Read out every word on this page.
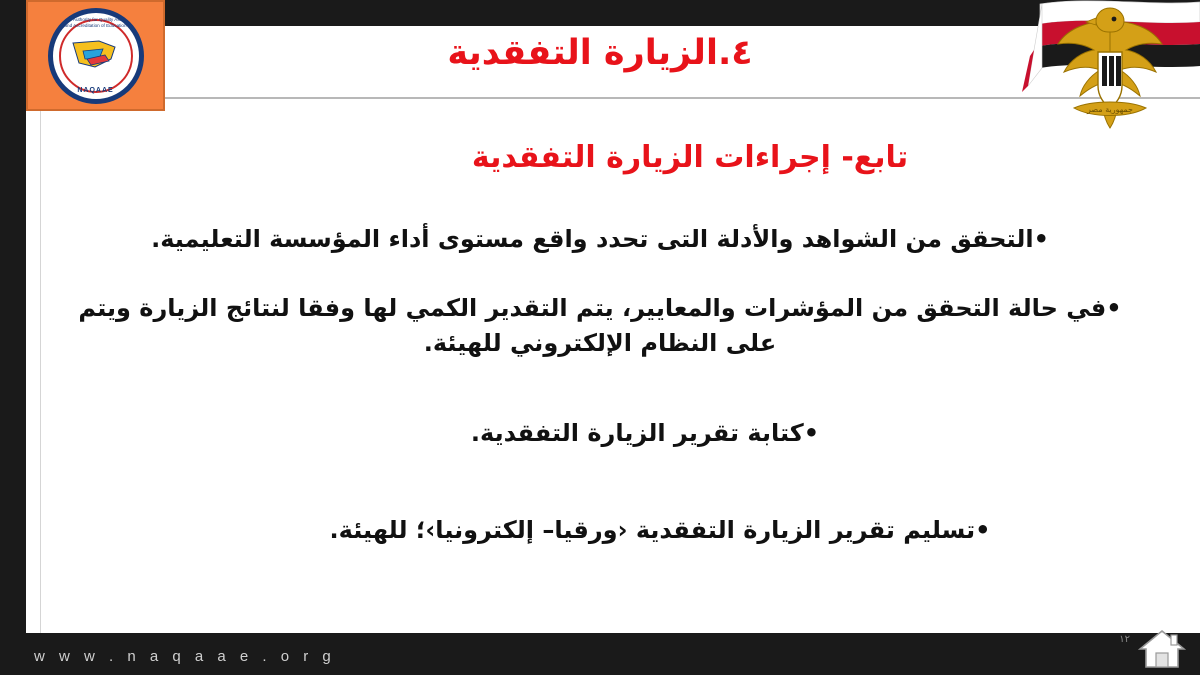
٤.الزيارة التفقدية
National Authority for Quality Assurance and Accreditation of Education
NAQAAE
جمهورية مصر
تابع- إجراءات الزيارة التفقدية
•التحقق من الشواهد والأدلة التى تحدد واقع مستوى أداء المؤسسة التعليمية.
•في حالة التحقق من المؤشرات والمعايير، يتم التقدير الكمي لها وفقا لنتائج الزيارة ويتم على النظام الإلكتروني للهيئة.
•كتابة تقرير الزيارة التفقدية.
•تسليم تقرير الزيارة التفقدية ‹ورقيا– إلكترونيا›؛ للهيئة.
١٢
w w w . n a q a a e . o r g
